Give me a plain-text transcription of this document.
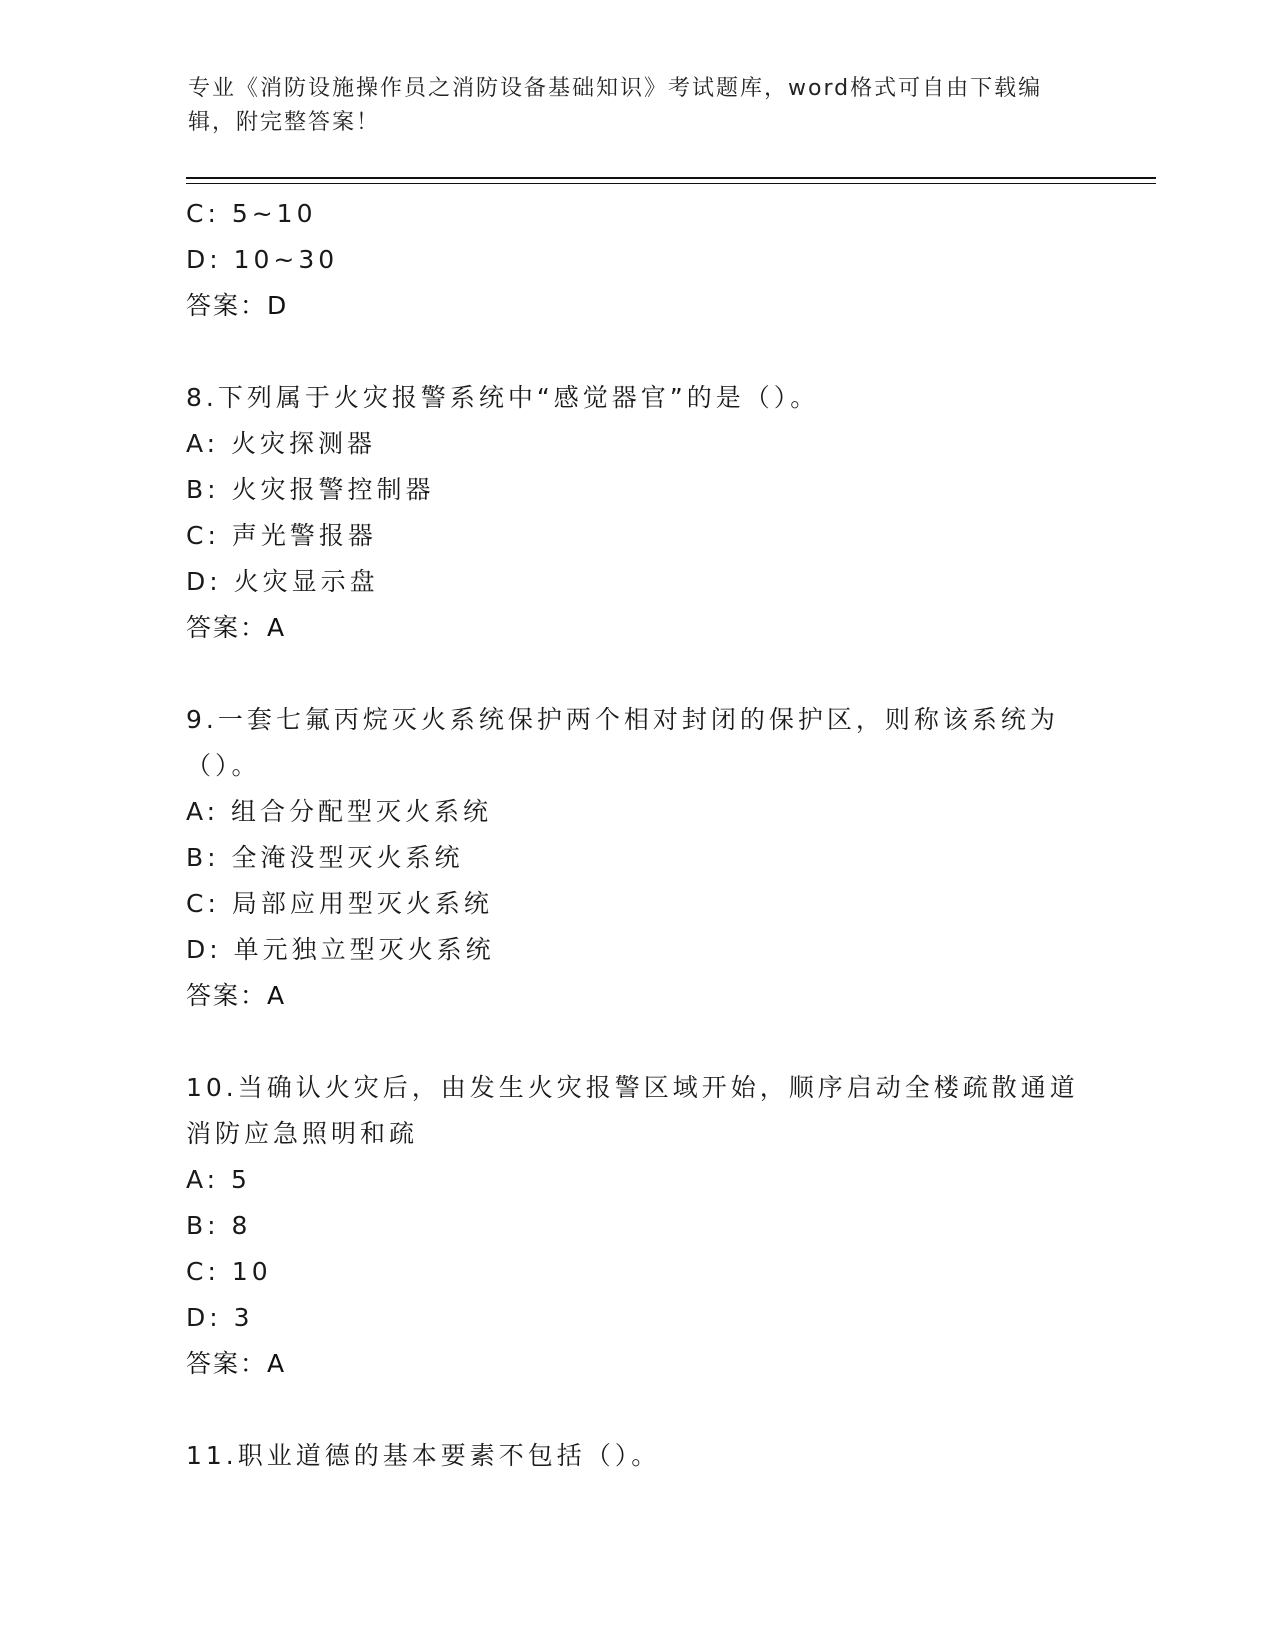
专业《消防设施操作员之消防设备基础知识》考试题库，word格式可自由下载编辑，附完整答案！
C: 5~10
D: 10~30
答案：D
8.下列属于火灾报警系统中“感觉器官”的是（）。
A: 火灾探测器
B: 火灾报警控制器
C: 声光警报器
D: 火灾显示盘
答案：A
9.一套七氟丙烷灭火系统保护两个相对封闭的保护区，则称该系统为（）。
A: 组合分配型灭火系统
B: 全淹没型灭火系统
C: 局部应用型灭火系统
D: 单元独立型灭火系统
答案：A
10.当确认火灾后，由发生火灾报警区域开始，顺序启动全楼疏散通道消防应急照明和疏
A: 5
B: 8
C: 10
D: 3
答案：A
11.职业道德的基本要素不包括（）。
